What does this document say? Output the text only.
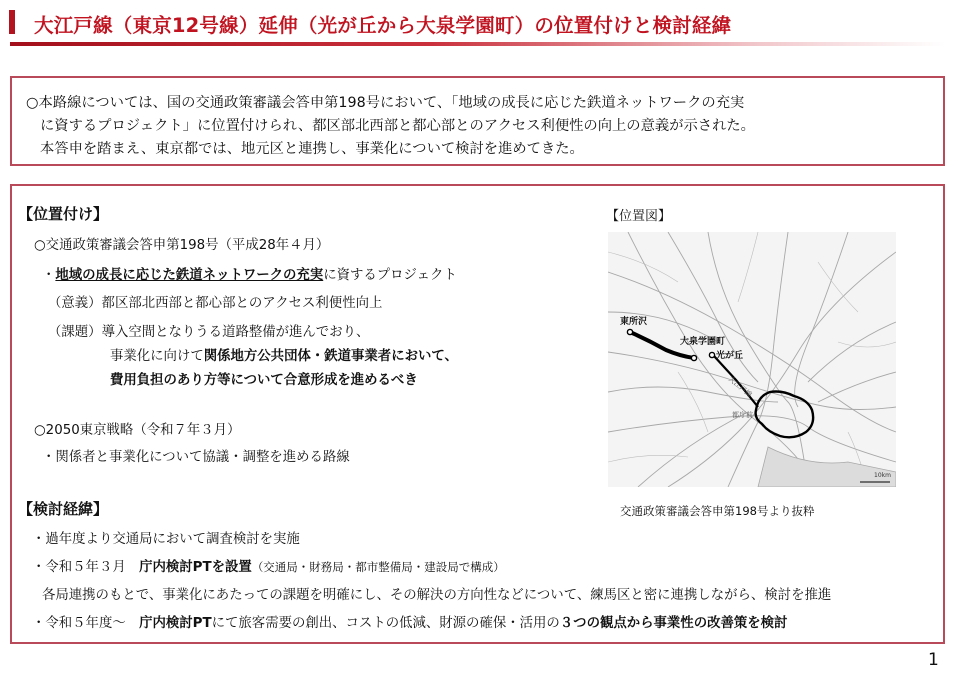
大江戸線（東京12号線）延伸（光が丘から大泉学園町）の位置付けと検討経緯

○本路線については、国の交通政策審議会答申第198号において、「地域の成長に応じた鉄道ネットワークの充実

に資するプロジェクト」に位置付けられ、都区部北西部と都心部とのアクセス利便性の向上の意義が示された。

本答申を踏まえ、東京都では、地元区と連携し、事業化について検討を進めてきた。

【位置付け】
○交通政策審議会答申第198号（平成28年４月）
・地域の成長に応じた鉄道ネットワークの充実に資するプロジェクト
（意義）都区部北西部と都心部とのアクセス利便性向上
（課題）導入空間となりうる道路整備が進んでおり、
事業化に向けて関係地方公共団体・鉄道事業者において、
費用負担のあり方等について合意形成を進めるべき
○2050東京戦略（令和７年３月）
・関係者と事業化について協議・調整を進める路線
【位置図】
東所沢
大泉学園町
光が丘
大江戸線
都庁前
10km
交通政策審議会答申第198号より抜粋
【検討経緯】
・過年度より交通局において調査検討を実施
・令和５年３月　庁内検討PTを設置（交通局・財務局・都市整備局・建設局で構成）
各局連携のもとで、事業化にあたっての課題を明確にし、その解決の方向性などについて、練馬区と密に連携しながら、検討を推進
・令和５年度～　庁内検討PTにて旅客需要の創出、コストの低減、財源の確保・活用の３つの観点から事業性の改善策を検討
1
